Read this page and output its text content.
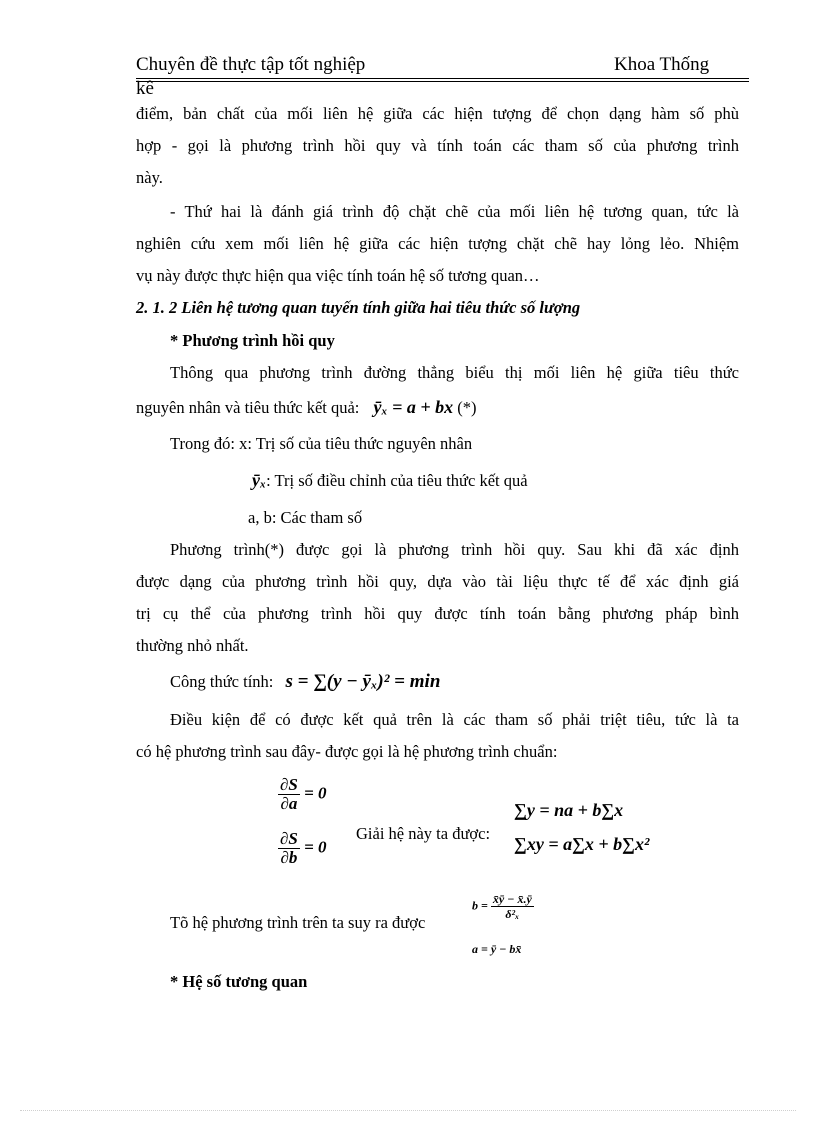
Chuyên đề thực tập tốt nghiệp	Khoa Thống
kê
điểm, bản chất của mối liên hệ giữa các hiện tượng để chọn dạng hàm số phù
hợp - gọi là phương trình hồi quy và tính toán các tham số của phương trình
này.
- Thứ hai là đánh giá trình độ chặt chẽ của mối liên hệ tương quan, tức là
nghiên cứu xem mối liên hệ giữa các hiện tượng chặt chẽ hay lỏng lẻo. Nhiệm
vụ này được thực hiện qua việc tính toán hệ số tương quan…
2. 1. 2 Liên hệ tương quan tuyến tính giữa hai tiêu thức số lượng
* Phương trình hồi quy
Thông qua phương trình đường thẳng biểu thị mối liên hệ giữa tiêu thức
nguyên nhân và tiêu thức kết quả: ȳₓ = a + bx (*)
Trong đó: x: Trị số của tiêu thức nguyên nhân
ȳₓ: Trị số điều chỉnh của tiêu thức kết quả
a, b: Các tham số
Phương trình(*) được gọi là phương trình hồi quy. Sau khi đã xác định
được dạng của phương trình hồi quy, dựa vào tài liệu thực tế để xác định giá
trị cụ thể của phương trình hồi quy được tính toán bằng phương pháp bình
thường nhỏ nhất.
Công thức tính: s = ∑(y − ȳₓ)² = min
Điều kiện để có được kết quả trên là các tham số phải triệt tiêu, tức là ta
có hệ phương trình sau đây- được gọi là hệ phương trình chuẩn:
$\frac{\partial S}{\partial a} = 0$
$\frac{\partial S}{\partial b} = 0$
Giải hệ này ta được:
∑y = na + b∑x
∑xy = a∑x + b∑x²
Tõ hệ phương trình trên ta suy ra được
$b = \frac{x̄ȳ - x̄.ȳ}{\text{δ²ₓ}}$
a = ȳ − bx̄
* Hệ số tương quan
